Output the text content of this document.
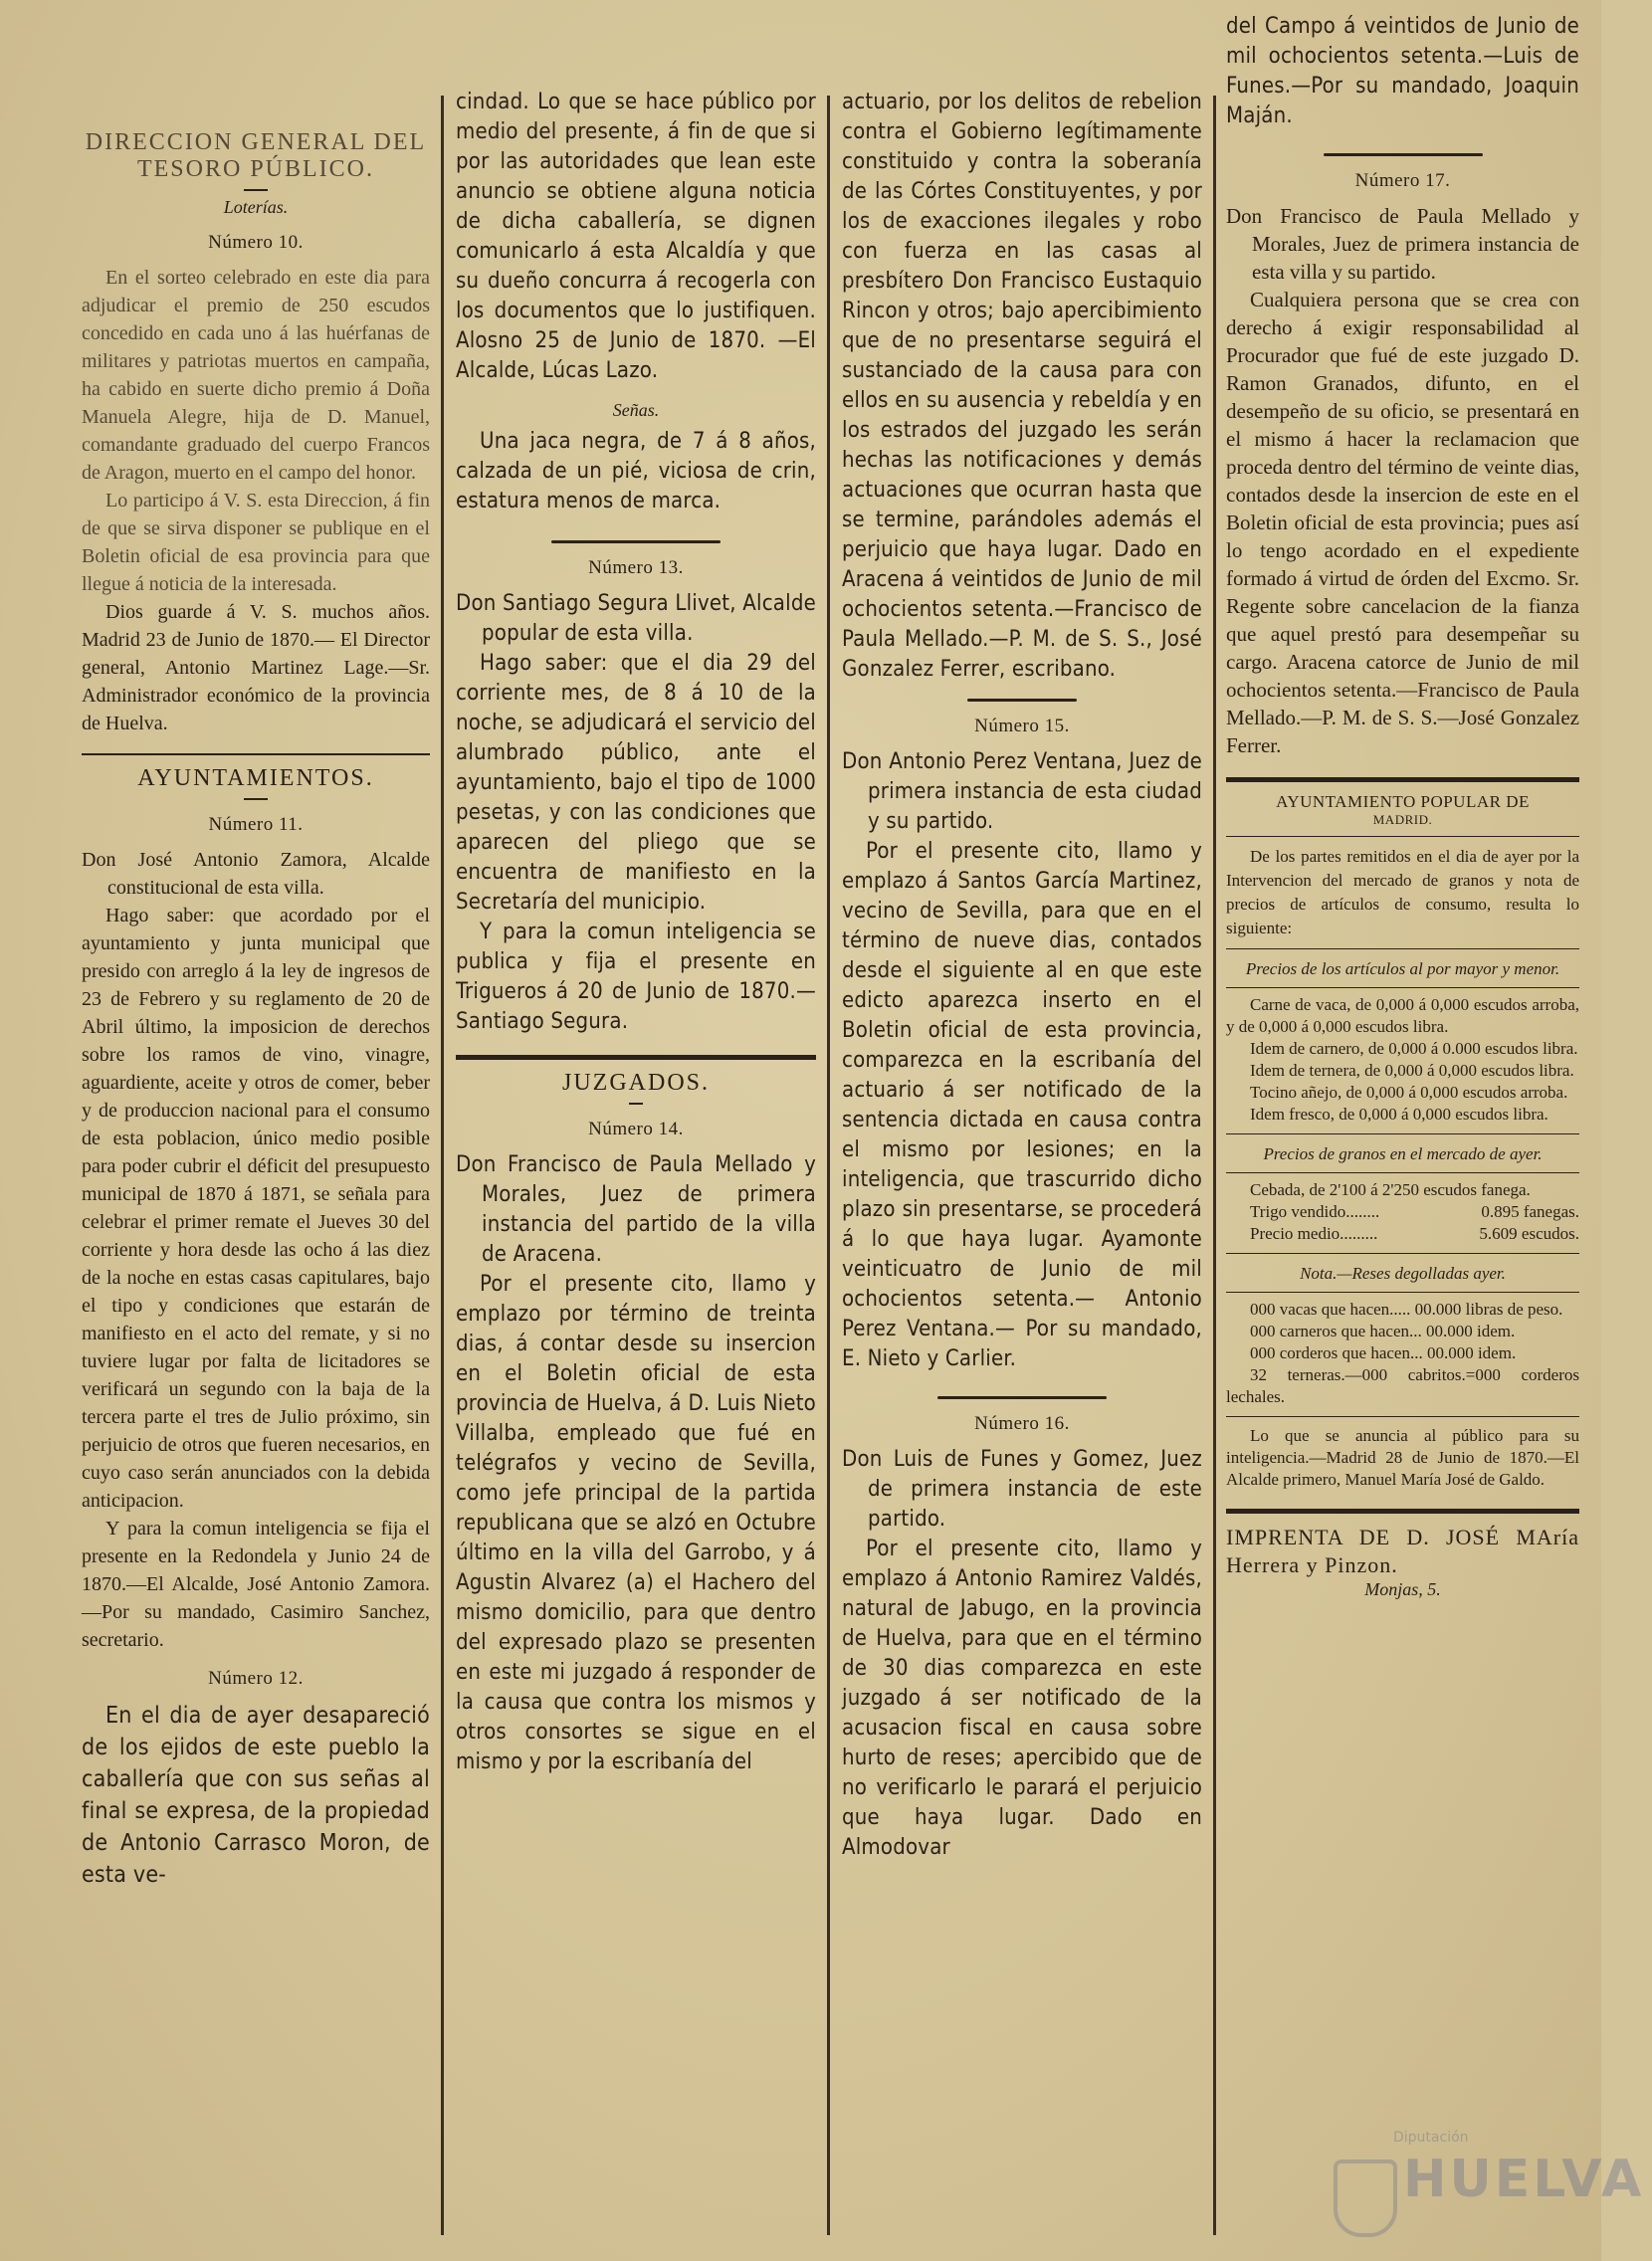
DIRECCION GENERAL DEL
TESORO PÚBLICO.
Loterías.
Número 10.

En el sorteo celebrado en este dia para adjudicar el premio de 250 escudos concedido en cada uno á las huérfanas de militares y patriotas muertos en campaña, ha cabido en suerte dicho premio á Doña Manuela Alegre, hija de D. Manuel, comandante graduado del cuerpo Francos de Aragon, muerto en el campo del honor.

Lo participo á V. S. esta Direccion, á fin de que se sirva disponer se publique en el Boletin oficial de esa provincia para que llegue á noticia de la interesada.

Dios guarde á V. S. muchos años. Madrid 23 de Junio de 1870.— El Director general, Antonio Martinez Lage.—Sr. Administrador económico de la provincia de Huelva.

AYUNTAMIENTOS.
Número 11.

Don José Antonio Zamora, Alcalde constitucional de esta villa.

Hago saber: que acordado por el ayuntamiento y junta municipal que presido con arreglo á la ley de ingresos de 23 de Febrero y su reglamento de 20 de Abril último, la imposicion de derechos sobre los ramos de vino, vinagre, aguardiente, aceite y otros de comer, beber y de produccion nacional para el consumo de esta poblacion, único medio posible para poder cubrir el déficit del presupuesto municipal de 1870 á 1871, se señala para celebrar el primer remate el Jueves 30 del corriente y hora desde las ocho á las diez de la noche en estas casas capitulares, bajo el tipo y condiciones que estarán de manifiesto en el acto del remate, y si no tuviere lugar por falta de licitadores se verificará un segundo con la baja de la tercera parte el tres de Julio próximo, sin perjuicio de otros que fueren necesarios, en cuyo caso serán anunciados con la debida anticipacion.

Y para la comun inteligencia se fija el presente en la Redondela y Junio 24 de 1870.—El Alcalde, José Antonio Zamora.—Por su mandado, Casimiro Sanchez, secretario.

Número 12.

En el dia de ayer desapareció de los ejidos de este pueblo la caballería que con sus señas al final se expresa, de la propiedad de Antonio Carrasco Moron, de esta ve-

cindad. Lo que se hace público por medio del presente, á fin de que si por las autoridades que lean este anuncio se obtiene alguna noticia de dicha caballería, se dignen comunicarlo á esta Alcaldía y que su dueño concurra á recogerla con los documentos que lo justifiquen. Alosno 25 de Junio de 1870. —El Alcalde, Lúcas Lazo.

Señas.

Una jaca negra, de 7 á 8 años, calzada de un pié, viciosa de crin, estatura menos de marca.

Número 13.

Don Santiago Segura Llivet, Alcalde popular de esta villa.

Hago saber: que el dia 29 del corriente mes, de 8 á 10 de la noche, se adjudicará el servicio del alumbrado público, ante el ayuntamiento, bajo el tipo de 1000 pesetas, y con las condiciones que aparecen del pliego que se encuentra de manifiesto en la Secretaría del municipio.

Y para la comun inteligencia se publica y fija el presente en Trigueros á 20 de Junio de 1870.—Santiago Segura.

JUZGADOS.
Número 14.

Don Francisco de Paula Mellado y Morales, Juez de primera instancia del partido de la villa de Aracena.

Por el presente cito, llamo y emplazo por término de treinta dias, á contar desde su insercion en el Boletin oficial de esta provincia de Huelva, á D. Luis Nieto Villalba, empleado que fué en telégrafos y vecino de Sevilla, como jefe principal de la partida republicana que se alzó en Octubre último en la villa del Garrobo, y á Agustin Alvarez (a) el Hachero del mismo domicilio, para que dentro del expresado plazo se presenten en este mi juzgado á responder de la causa que contra los mismos y otros consortes se sigue en el mismo y por la escribanía del

actuario, por los delitos de rebelion contra el Gobierno legítimamente constituido y contra la soberanía de las Córtes Constituyentes, y por los de exacciones ilegales y robo con fuerza en las casas al presbítero Don Francisco Eustaquio Rincon y otros; bajo apercibimiento que de no presentarse seguirá el sustanciado de la causa para con ellos en su ausencia y rebeldía y en los estrados del juzgado les serán hechas las notificaciones y demás actuaciones que ocurran hasta que se termine, parándoles además el perjuicio que haya lugar. Dado en Aracena á veintidos de Junio de mil ochocientos setenta.—Francisco de Paula Mellado.—P. M. de S. S., José Gonzalez Ferrer, escribano.

Número 15.

Don Antonio Perez Ventana, Juez de primera instancia de esta ciudad y su partido.

Por el presente cito, llamo y emplazo á Santos García Martinez, vecino de Sevilla, para que en el término de nueve dias, contados desde el siguiente al en que este edicto aparezca inserto en el Boletin oficial de esta provincia, comparezca en la escribanía del actuario á ser notificado de la sentencia dictada en causa contra el mismo por lesiones; en la inteligencia, que trascurrido dicho plazo sin presentarse, se procederá á lo que haya lugar. Ayamonte veinticuatro de Junio de mil ochocientos setenta.— Antonio Perez Ventana.— Por su mandado, E. Nieto y Carlier.

Número 16.

Don Luis de Funes y Gomez, Juez de primera instancia de este partido.

Por el presente cito, llamo y emplazo á Antonio Ramirez Valdés, natural de Jabugo, en la provincia de Huelva, para que en el término de 30 dias comparezca en este juzgado á ser notificado de la acusacion fiscal en causa sobre hurto de reses; apercibido que de no verificarlo le parará el perjuicio que haya lugar. Dado en Almodovar

del Campo á veintidos de Junio de mil ochocientos setenta.—Luis de Funes.—Por su mandado, Joaquin Maján.

Número 17.

Don Francisco de Paula Mellado y Morales, Juez de primera instancia de esta villa y su partido.

Cualquiera persona que se crea con derecho á exigir responsabilidad al Procurador que fué de este juzgado D. Ramon Granados, difunto, en el desempeño de su oficio, se presentará en el mismo á hacer la reclamacion que proceda dentro del término de veinte dias, contados desde la insercion de este en el Boletin oficial de esta provincia; pues así lo tengo acordado en el expediente formado á virtud de órden del Excmo. Sr. Regente sobre cancelacion de la fianza que aquel prestó para desempeñar su cargo. Aracena catorce de Junio de mil ochocientos setenta.—Francisco de Paula Mellado.—P. M. de S. S.—José Gonzalez Ferrer.

AYUNTAMIENTO POPULAR DE
MADRID.

De los partes remitidos en el dia de ayer por la Intervencion del mercado de granos y nota de precios de artículos de consumo, resulta lo siguiente:

Precios de los artículos al por mayor y menor.

Carne de vaca, de 0,000 á 0,000 escudos arroba, y de 0,000 á 0,000 escudos libra.

Idem de carnero, de 0,000 á 0.000 escudos libra.

Idem de ternera, de 0,000 á 0,000 escudos libra.

Tocino añejo, de 0,000 á 0,000 escudos arroba.

Idem fresco, de 0,000 á 0,000 escudos libra.

Precios de granos en el mercado de ayer.

Cebada, de 2'100 á 2'250 escudos fanega.

Trigo vendido........	0.895 fanegas.
Precio medio.........	5.609 escudos.
Nota.—Reses degolladas ayer.

000 vacas que hacen..... 00.000 libras de peso.

000 carneros que hacen... 00.000 idem.

000 corderos que hacen... 00.000 idem.

32 terneras.—000 cabritos.=000 corderos lechales.

Lo que se anuncia al público para su inteligencia.—Madrid 28 de Junio de 1870.—El Alcalde primero, Manuel María José de Galdo.

IMPRENTA DE D. JOSÉ MAría Herrera y Pinzon.

Monjas, 5.
Diputación
HUELVA
